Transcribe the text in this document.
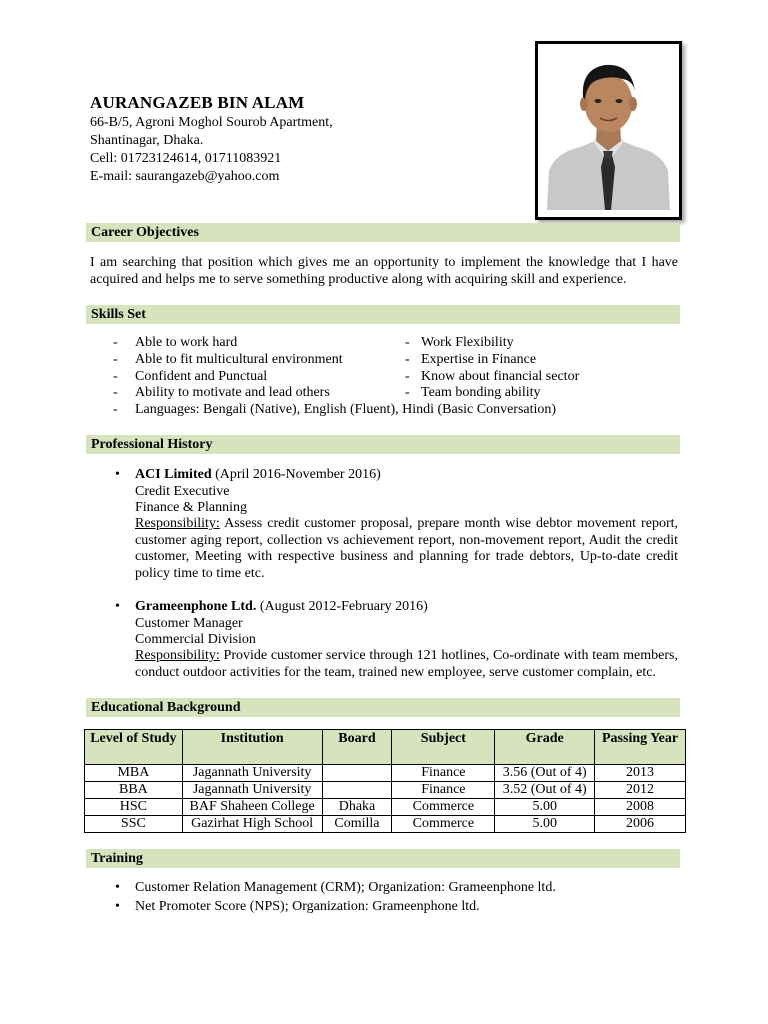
AURANGAZEB BIN ALAM
66-B/5, Agroni Moghol Sourob Apartment,
Shantinagar, Dhaka.
Cell: 01723124614, 01711083921
E-mail: saurangazeb@yahoo.com
Career Objectives
I am searching that position which gives me an opportunity to implement the knowledge that I have acquired and helps me to serve something productive along with acquiring skill and experience.
Skills Set
- Able to work hard	- Work Flexibility
- Able to fit multicultural environment	- Expertise in Finance
- Confident and Punctual	- Know about financial sector
- Ability to motivate and lead others	- Team bonding ability
- Languages: Bengali (Native), English (Fluent), Hindi (Basic Conversation)
Professional History
• ACI Limited (April 2016-November 2016)
Credit Executive
Finance & Planning
Responsibility: Assess credit customer proposal, prepare month wise debtor movement report, customer aging report, collection vs achievement report, non-movement report, Audit the credit customer, Meeting with respective business and planning for trade debtors, Up-to-date credit policy time to time etc.
• Grameenphone Ltd. (August 2012-February 2016)
Customer Manager
Commercial Division
Responsibility: Provide customer service through 121 hotlines, Co-ordinate with team members, conduct outdoor activities for the team, trained new employee, serve customer complain, etc.
Educational Background
Level of Study	Institution	Board	Subject	Grade	Passing Year
MBA	Jagannath University		Finance	3.56 (Out of 4)	2013
BBA	Jagannath University		Finance	3.52 (Out of 4)	2012
HSC	BAF Shaheen College	Dhaka	Commerce	5.00	2008
SSC	Gazirhat High School	Comilla	Commerce	5.00	2006
Training
• Customer Relation Management (CRM); Organization: Grameenphone ltd.
• Net Promoter Score (NPS); Organization: Grameenphone ltd.
